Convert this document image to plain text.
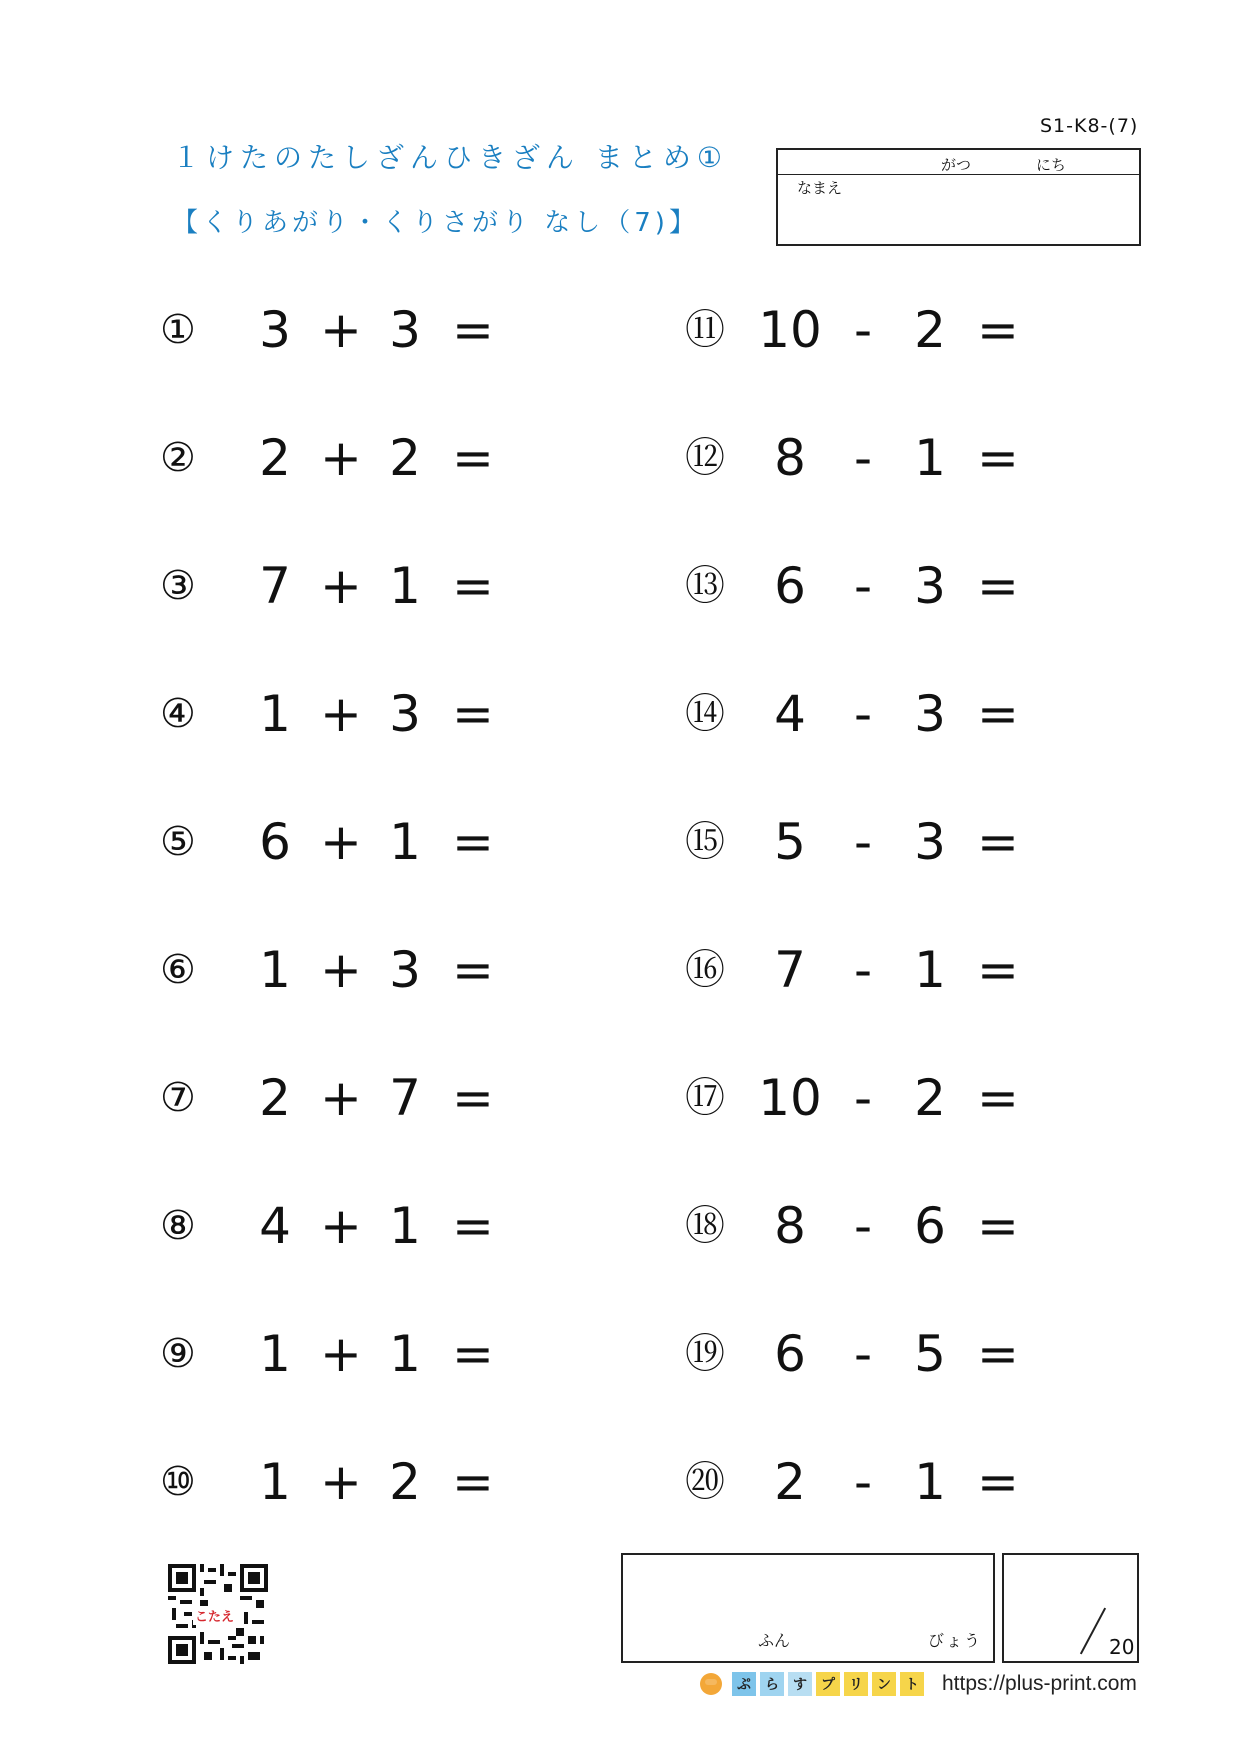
S1-K8-(7)
１けたのたしざんひきざん まとめ①
【くりあがり・くりさがり なし（7)】
がつ	にち
なまえ
①	3 + 3 =
②	2 + 2 =
③	7 + 1 =
④	1 + 3 =
⑤	6 + 1 =
⑥	1 + 3 =
⑦	2 + 7 =
⑧	4 + 1 =
⑨	1 + 1 =
⑩	1 + 2 =
⑪ 10 - 2 =
⑫ 8 - 1 =
⑬ 6 - 3 =
⑭ 4 - 3 =
⑮ 5 - 3 =
⑯ 7 - 1 =
⑰ 10 - 2 =
⑱ 8 - 6 =
⑲ 6 - 5 =
⑳ 2 - 1 =
こたえ
ふん	びょう	20
ぷ	ら	す	プ	リ	ン	ト https://plus-print.com
